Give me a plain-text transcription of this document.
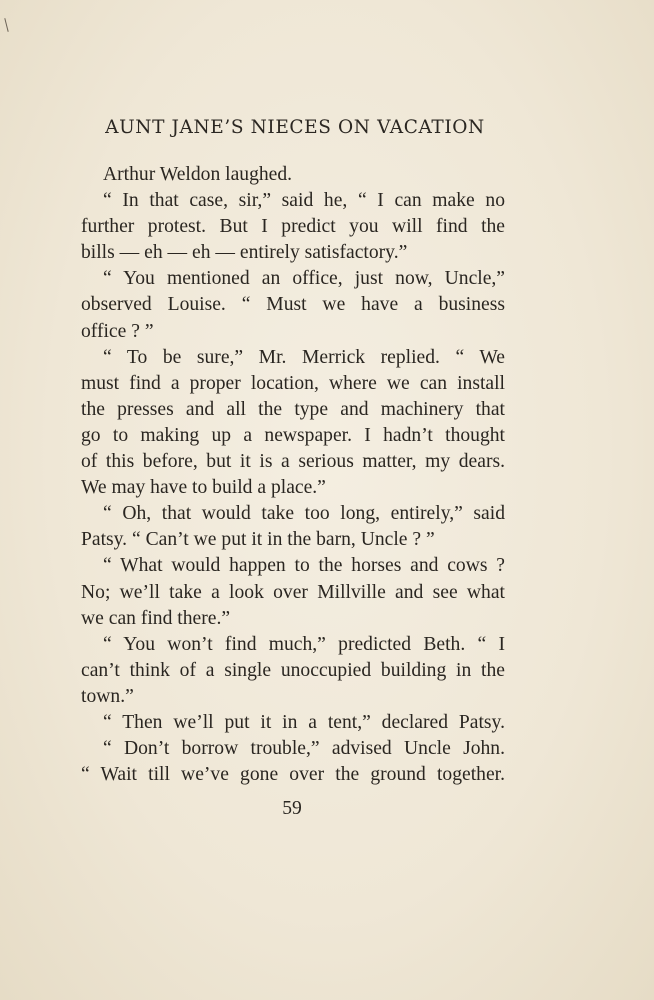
AUNT JANE’S NIECES ON VACATION
Arthur Weldon laughed.
“ In that case, sir,” said he, “ I can make no
further protest. But I predict you will find the
bills — eh — eh — entirely satisfactory.”
“ You mentioned an office, just now, Uncle,”
observed Louise. “ Must we have a business
office ? ”
“ To be sure,” Mr. Merrick replied. “ We
must find a proper location, where we can install
the presses and all the type and machinery that
go to making up a newspaper. I hadn’t thought
of this before, but it is a serious matter, my dears.
We may have to build a place.”
“ Oh, that would take too long, entirely,” said
Patsy. “ Can’t we put it in the barn, Uncle ? ”
“ What would happen to the horses and cows ?
No; we’ll take a look over Millville and see what
we can find there.”
“ You won’t find much,” predicted Beth. “ I
can’t think of a single unoccupied building in the
town.”
“ Then we’ll put it in a tent,” declared Patsy.
“ Don’t borrow trouble,” advised Uncle John.
“ Wait till we’ve gone over the ground together.
59
